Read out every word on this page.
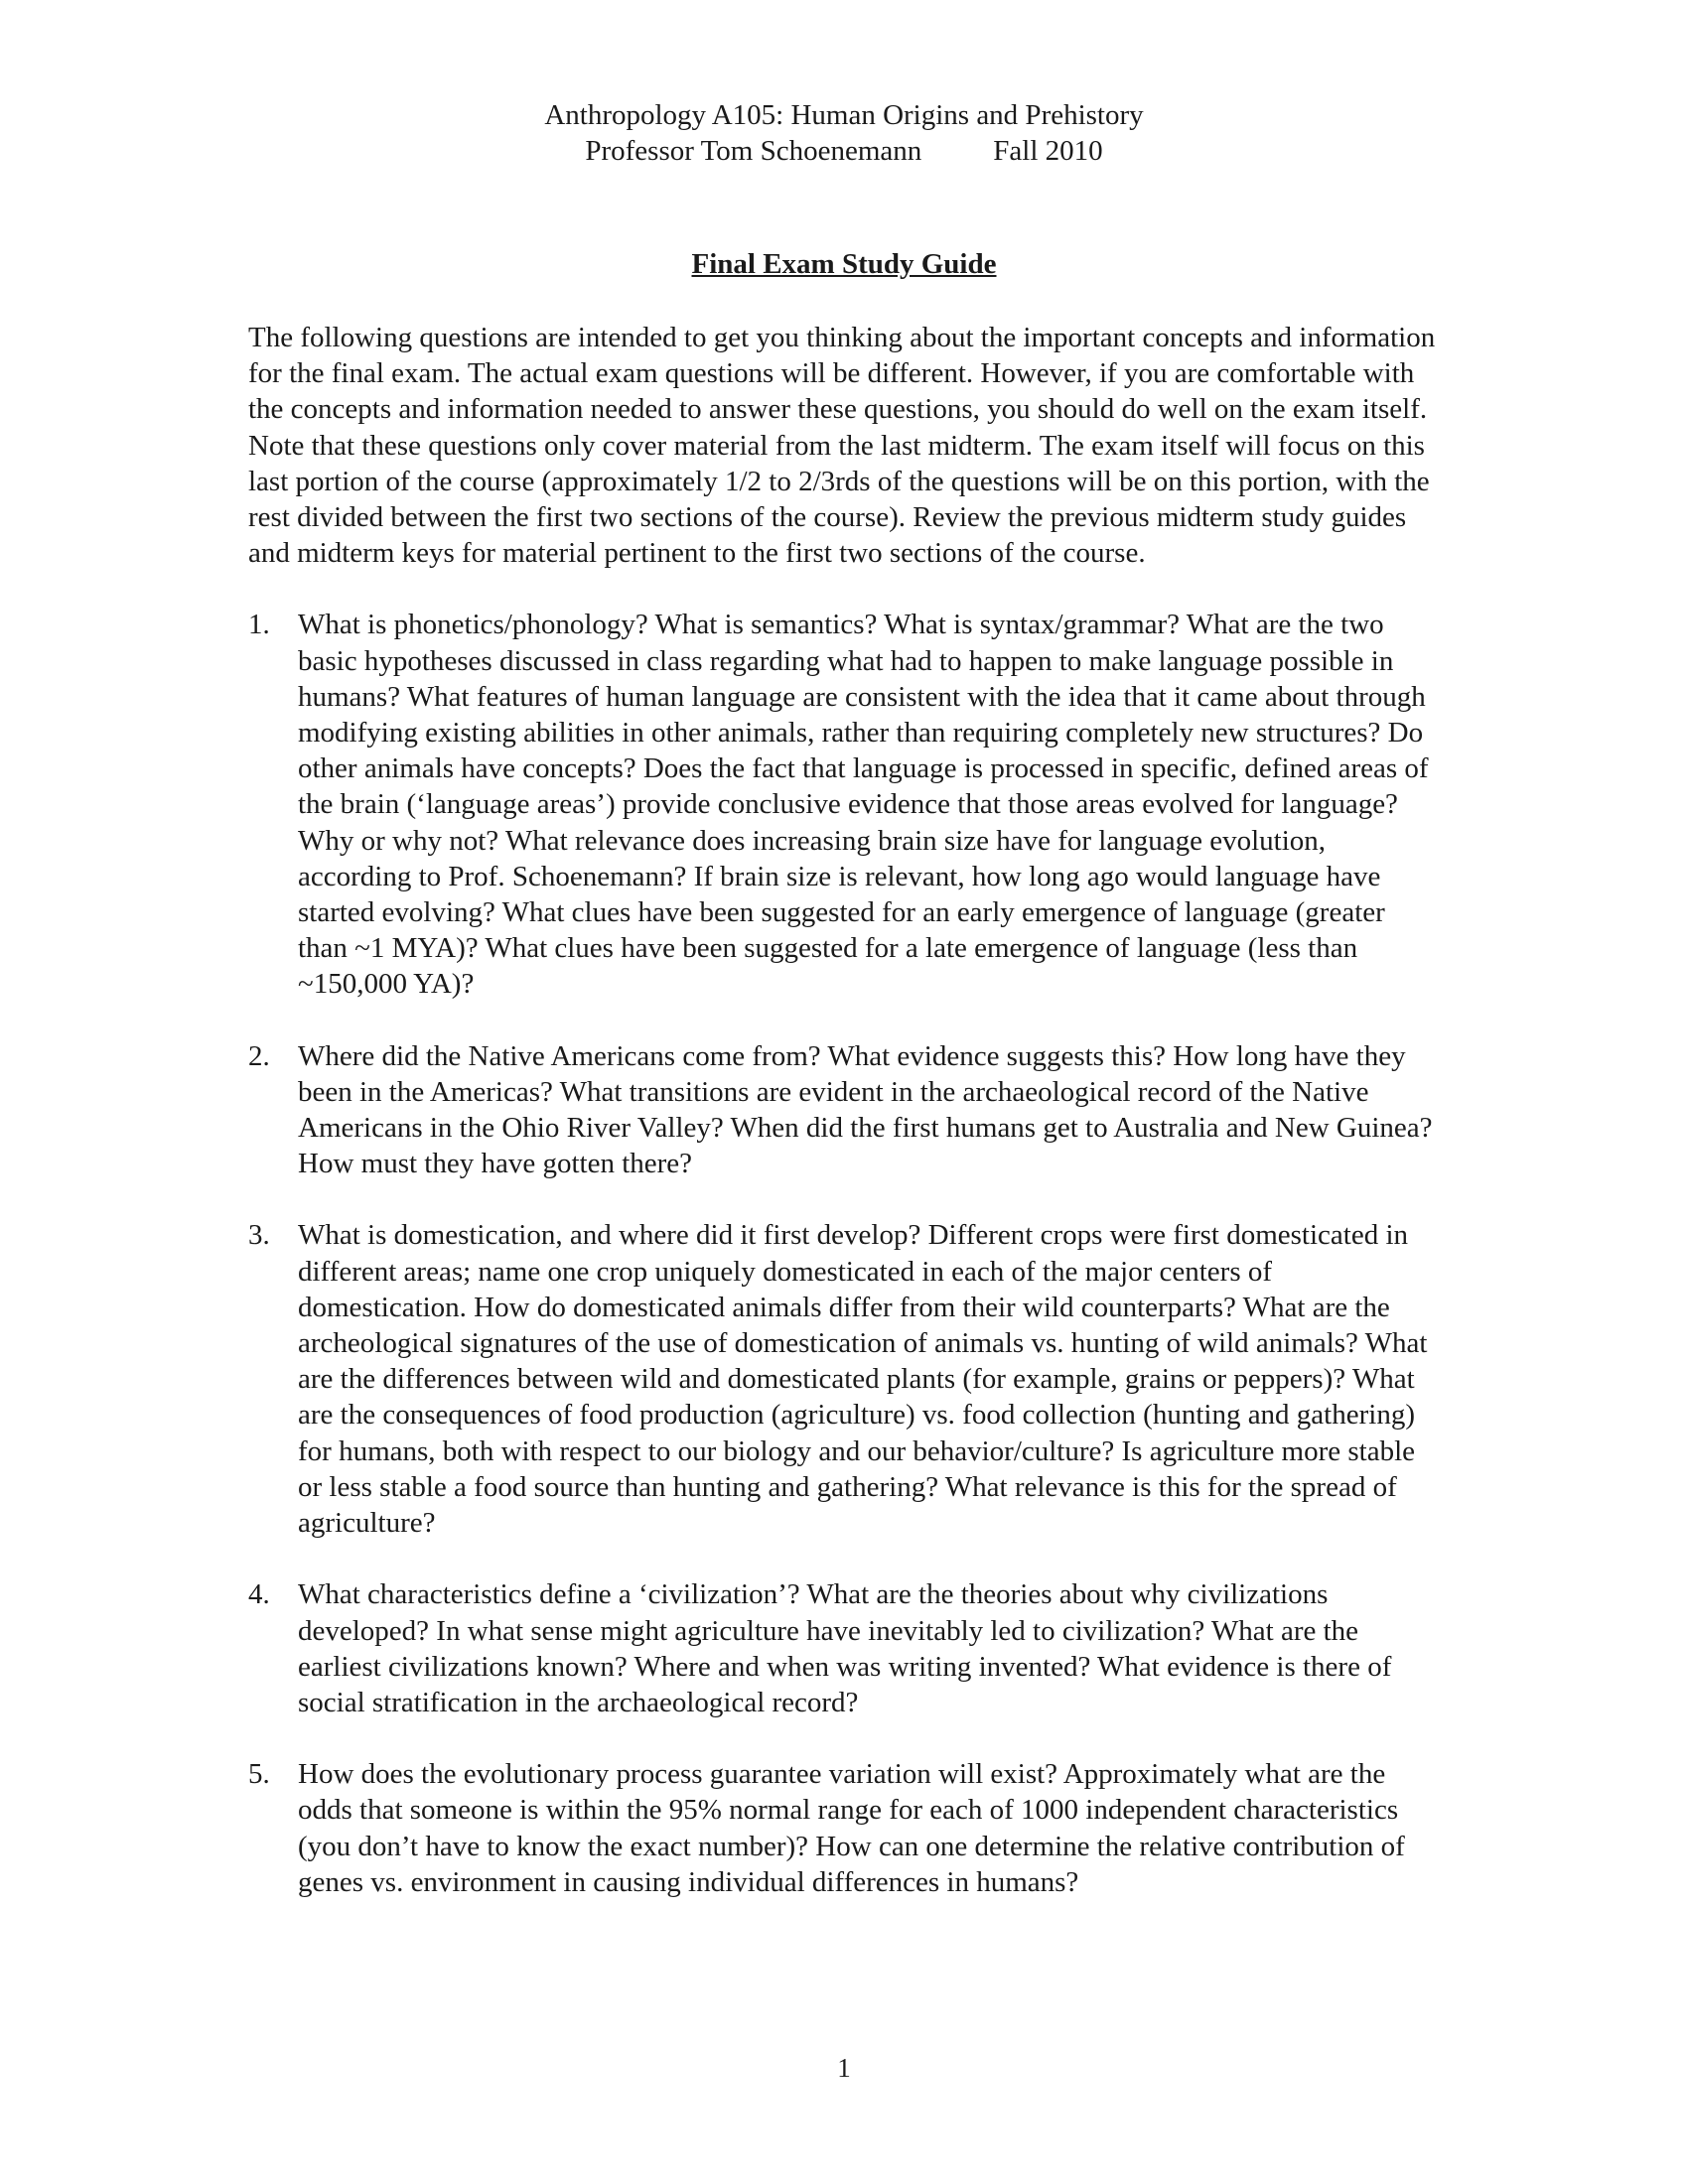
Anthropology A105: Human Origins and Prehistory
Professor Tom Schoenemann Fall 2010
Final Exam Study Guide

The following questions are intended to get you thinking about the important concepts and information for the final exam. The actual exam questions will be different. However, if you are comfortable with the concepts and information needed to answer these questions, you should do well on the exam itself. Note that these questions only cover material from the last midterm. The exam itself will focus on this last portion of the course (approximately 1/2 to 2/3rds of the questions will be on this portion, with the rest divided between the first two sections of the course). Review the previous midterm study guides and midterm keys for material pertinent to the first two sections of the course.

1. What is phonetics/phonology? What is semantics? What is syntax/grammar? What are the two basic hypotheses discussed in class regarding what had to happen to make language possible in humans? What features of human language are consistent with the idea that it came about through modifying existing abilities in other animals, rather than requiring completely new structures? Do other animals have concepts? Does the fact that language is processed in specific, defined areas of the brain (‘language areas’) provide conclusive evidence that those areas evolved for language? Why or why not? What relevance does increasing brain size have for language evolution, according to Prof. Schoenemann? If brain size is relevant, how long ago would language have started evolving? What clues have been suggested for an early emergence of language (greater than ~1 MYA)? What clues have been suggested for a late emergence of language (less than ~150,000 YA)?
2. Where did the Native Americans come from? What evidence suggests this? How long have they been in the Americas? What transitions are evident in the archaeological record of the Native Americans in the Ohio River Valley? When did the first humans get to Australia and New Guinea? How must they have gotten there?
3. What is domestication, and where did it first develop? Different crops were first domesticated in different areas; name one crop uniquely domesticated in each of the major centers of domestication. How do domesticated animals differ from their wild counterparts? What are the archeological signatures of the use of domestication of animals vs. hunting of wild animals? What are the differences between wild and domesticated plants (for example, grains or peppers)? What are the consequences of food production (agriculture) vs. food collection (hunting and gathering) for humans, both with respect to our biology and our behavior/culture? Is agriculture more stable or less stable a food source than hunting and gathering? What relevance is this for the spread of agriculture?
4. What characteristics define a ‘civilization’? What are the theories about why civilizations developed? In what sense might agriculture have inevitably led to civilization? What are the earliest civilizations known? Where and when was writing invented? What evidence is there of social stratification in the archaeological record?
5. How does the evolutionary process guarantee variation will exist? Approximately what are the odds that someone is within the 95% normal range for each of 1000 independent characteristics (you don’t have to know the exact number)? How can one determine the relative contribution of genes vs. environment in causing individual differences in humans?
1
